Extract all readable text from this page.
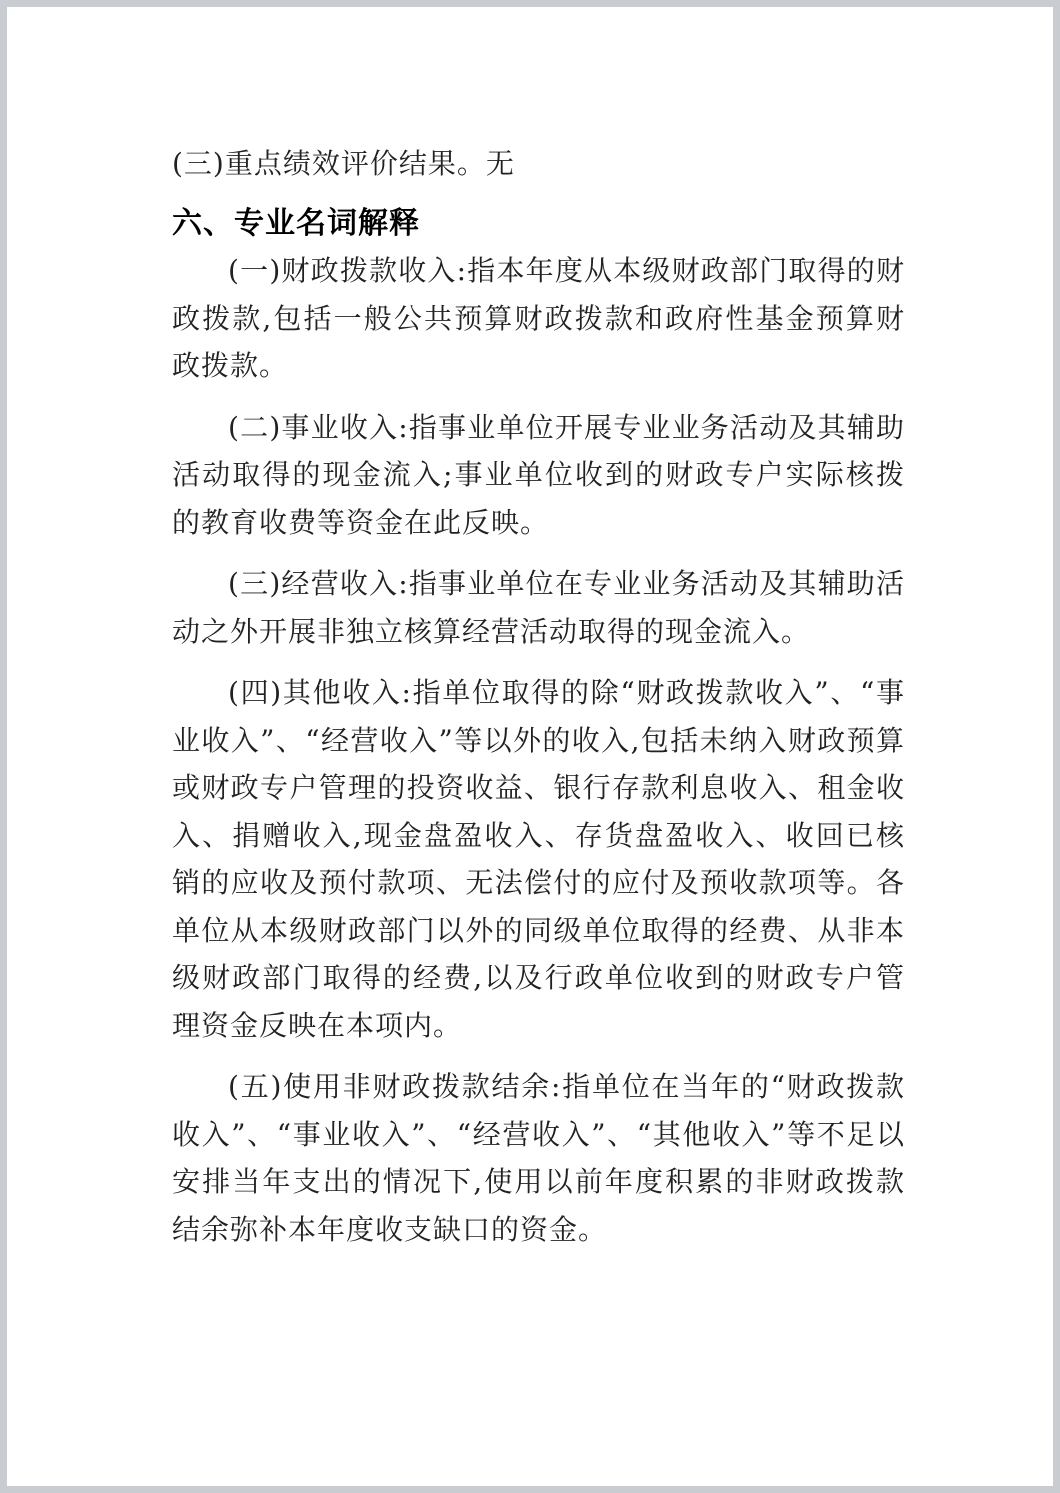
(三)重点绩效评价结果。无

六、专业名词解释

(一)财政拨款收入:指本年度从本级财政部门取得的财政拨款,包括一般公共预算财政拨款和政府性基金预算财政拨款。

(二)事业收入:指事业单位开展专业业务活动及其辅助活动取得的现金流入;事业单位收到的财政专户实际核拨的教育收费等资金在此反映。

(三)经营收入:指事业单位在专业业务活动及其辅助活动之外开展非独立核算经营活动取得的现金流入。

(四)其他收入:指单位取得的除“财政拨款收入”、“事业收入”、“经营收入”等以外的收入,包括未纳入财政预算或财政专户管理的投资收益、银行存款利息收入、租金收入、捐赠收入,现金盘盈收入、存货盘盈收入、收回已核销的应收及预付款项、无法偿付的应付及预收款项等。各单位从本级财政部门以外的同级单位取得的经费、从非本级财政部门取得的经费,以及行政单位收到的财政专户管理资金反映在本项内。

(五)使用非财政拨款结余:指单位在当年的“财政拨款收入”、“事业收入”、“经营收入”、“其他收入”等不足以安排当年支出的情况下,使用以前年度积累的非财政拨款结余弥补本年度收支缺口的资金。
